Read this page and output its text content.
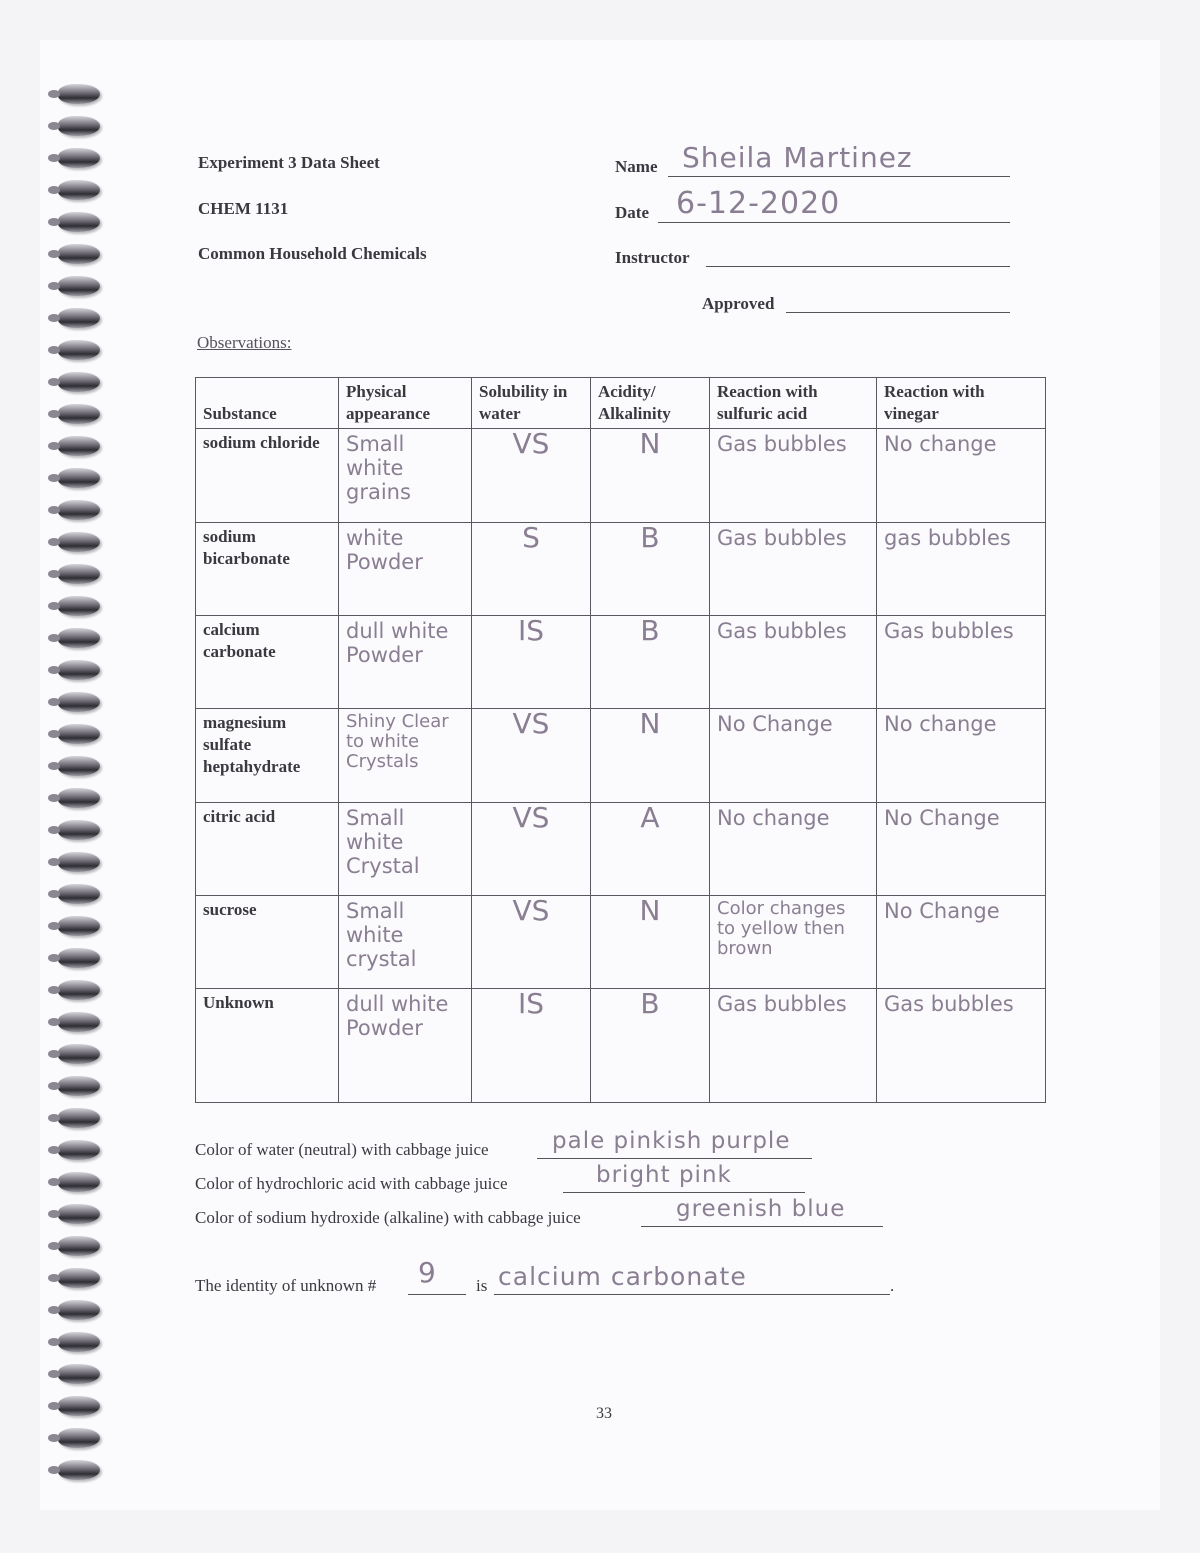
Experiment 3 Data Sheet
CHEM 1131
Common Household Chemicals
Name Sheila Martinez
Date 6-12-2020
Instructor
Approved
Observations:
Substance	Physical appearance	Solubility in water	Acidity/ Alkalinity	Reaction with sulfuric acid	Reaction with vinegar
sodium chloride	Small white grains	VS	N	Gas bubbles	No change
sodium bicarbonate	white Powder	S	B	Gas bubbles	gas bubbles
calcium carbonate	dull white Powder	IS	B	Gas bubbles	Gas bubbles
magnesium sulfate heptahydrate	Shiny Clear to white Crystals	VS	N	No Change	No change
citric acid	Small white Crystal	VS	A	No change	No Change
sucrose	Small white crystal	VS	N	Color changes to yellow then brown	No Change
Unknown	dull white Powder	IS	B	Gas bubbles	Gas bubbles
Color of water (neutral) with cabbage juice	pale pinkish purple
Color of hydrochloric acid with cabbage juice	bright pink
Color of sodium hydroxide (alkaline) with cabbage juice	greenish blue
The identity of unknown # 9 is calcium carbonate	.
33
